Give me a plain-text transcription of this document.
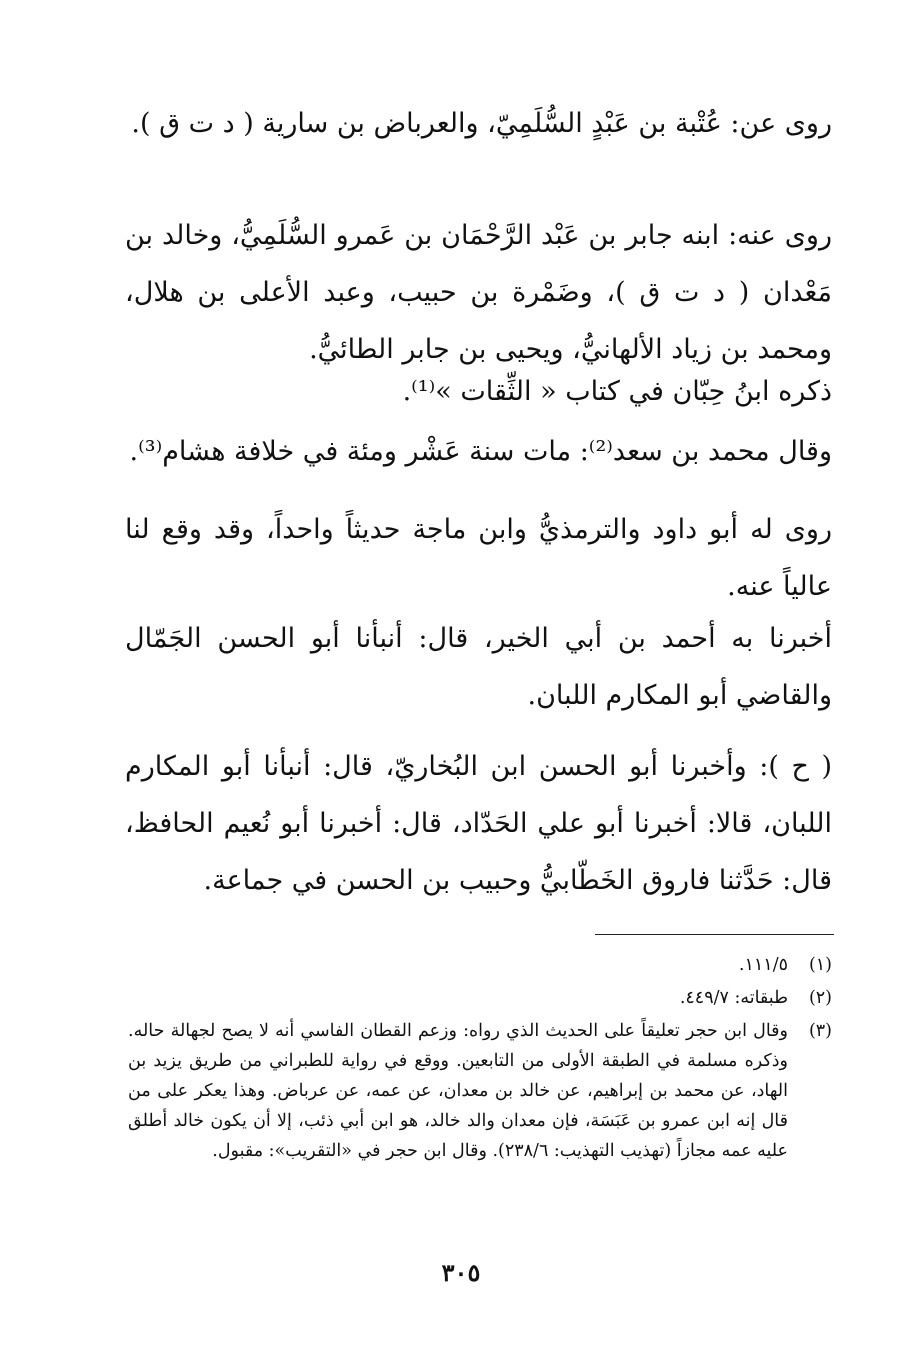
روى عن: عُتْبة بن عَبْدٍ السُّلَمِيّ، والعرباض بن سارية ( د ت ق ).

روى عنه: ابنه جابر بن عَبْد الرَّحْمَان بن عَمرو السُّلَمِيُّ، وخالد بن مَعْدان ( د ت ق )، وضَمْرة بن حبيب، وعبد الأعلى بن هلال، ومحمد بن زياد الألهانيُّ، ويحيى بن جابر الطائيُّ.

ذكره ابنُ حِبّان في كتاب « الثِّقات »⁽¹⁾.

وقال محمد بن سعد⁽²⁾: مات سنة عَشْر ومئة في خلافة هشام⁽³⁾.

روى له أبو داود والترمذيُّ وابن ماجة حديثاً واحداً، وقد وقع لنا عالياً عنه.

أخبرنا به أحمد بن أبي الخير، قال: أنبأنا أبو الحسن الجَمّال والقاضي أبو المكارم اللبان.

( ح ): وأخبرنا أبو الحسن ابن البُخاريّ، قال: أنبأنا أبو المكارم اللبان، قالا: أخبرنا أبو علي الحَدّاد، قال: أخبرنا أبو نُعيم الحافظ، قال: حَدَّثنا فاروق الخَطّابيُّ وحبيب بن الحسن في جماعة.

(١)
١١١/٥.
(٢)
طبقاته: ٤٤٩/٧.
(٣)
وقال ابن حجر تعليقاً على الحديث الذي رواه: وزعم القطان الفاسي أنه لا يصح لجهالة حاله. وذكره مسلمة في الطبقة الأولى من التابعين. ووقع في رواية للطبراني من طريق يزيد بن الهاد، عن محمد بن إبراهيم، عن خالد بن معدان، عن عمه، عن عرباض. وهذا يعكر على من قال إنه ابن عمرو بن عَبَسَة، فإن معدان والد خالد، هو ابن أبي ذئب، إلا أن يكون خالد أطلق عليه عمه مجازاً (تهذيب التهذيب: ٢٣٨/٦). وقال ابن حجر في «التقريب»: مقبول.
٣٠٥
